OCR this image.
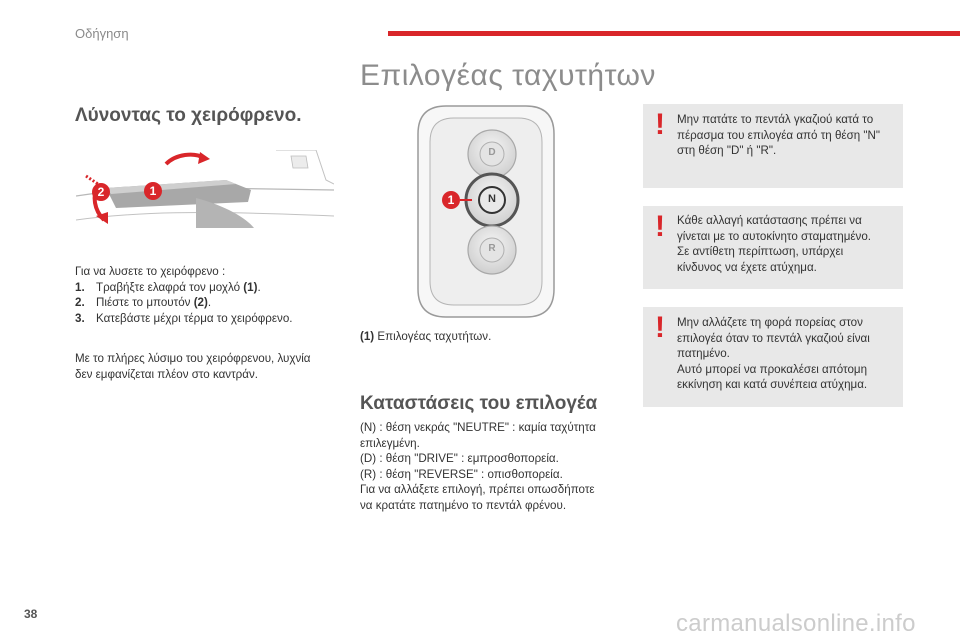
Οδήγηση
Επιλογέας ταχυτήτων
Λύνοντας το χειρόφρενο.
2	1
Για να λυσετε το χειρόφρενο :
1. Τραβήξτε ελαφρά τον μοχλό (1).
2. Πιέστε το μπουτόν (2).
3. Κατεβάστε μέχρι τέρμα το χειρόφρενο.
Με το πλήρες λύσιμο του χειρόφρενου, λυχνία
δεν εμφανίζεται πλέον στο καντράν.
D
N
R
1
(1) Επιλογέας ταχυτήτων.
Καταστάσεις του επιλογέα
(N) : θέση νεκράς "NEUTRE" : καμία ταχύτητα
επιλεγμένη.
(D) : θέση "DRIVE" : εμπροσθοπορεία.
(R) : θέση "REVERSE" : οπισθοπορεία.
Για να αλλάξετε επιλογή, πρέπει οπωσδήποτε
να κρατάτε πατημένο το πεντάλ φρένου.
! Μην πατάτε το πεντάλ γκαζιού κατά το
πέρασμα του επιλογέα από τη θέση "N"
στη θέση "D" ή "R".
! Κάθε αλλαγή κατάστασης πρέπει να
γίνεται με το αυτοκίνητο σταματημένο.
Σε αντίθετη περίπτωση, υπάρχει
κίνδυνος να έχετε ατύχημα.
! Μην αλλάζετε τη φορά πορείας στον
επιλογέα όταν το πεντάλ γκαζιού είναι
πατημένο.
Αυτό μπορεί να προκαλέσει απότομη
εκκίνηση και κατά συνέπεια ατύχημα.
38	carmanualsonline.info
